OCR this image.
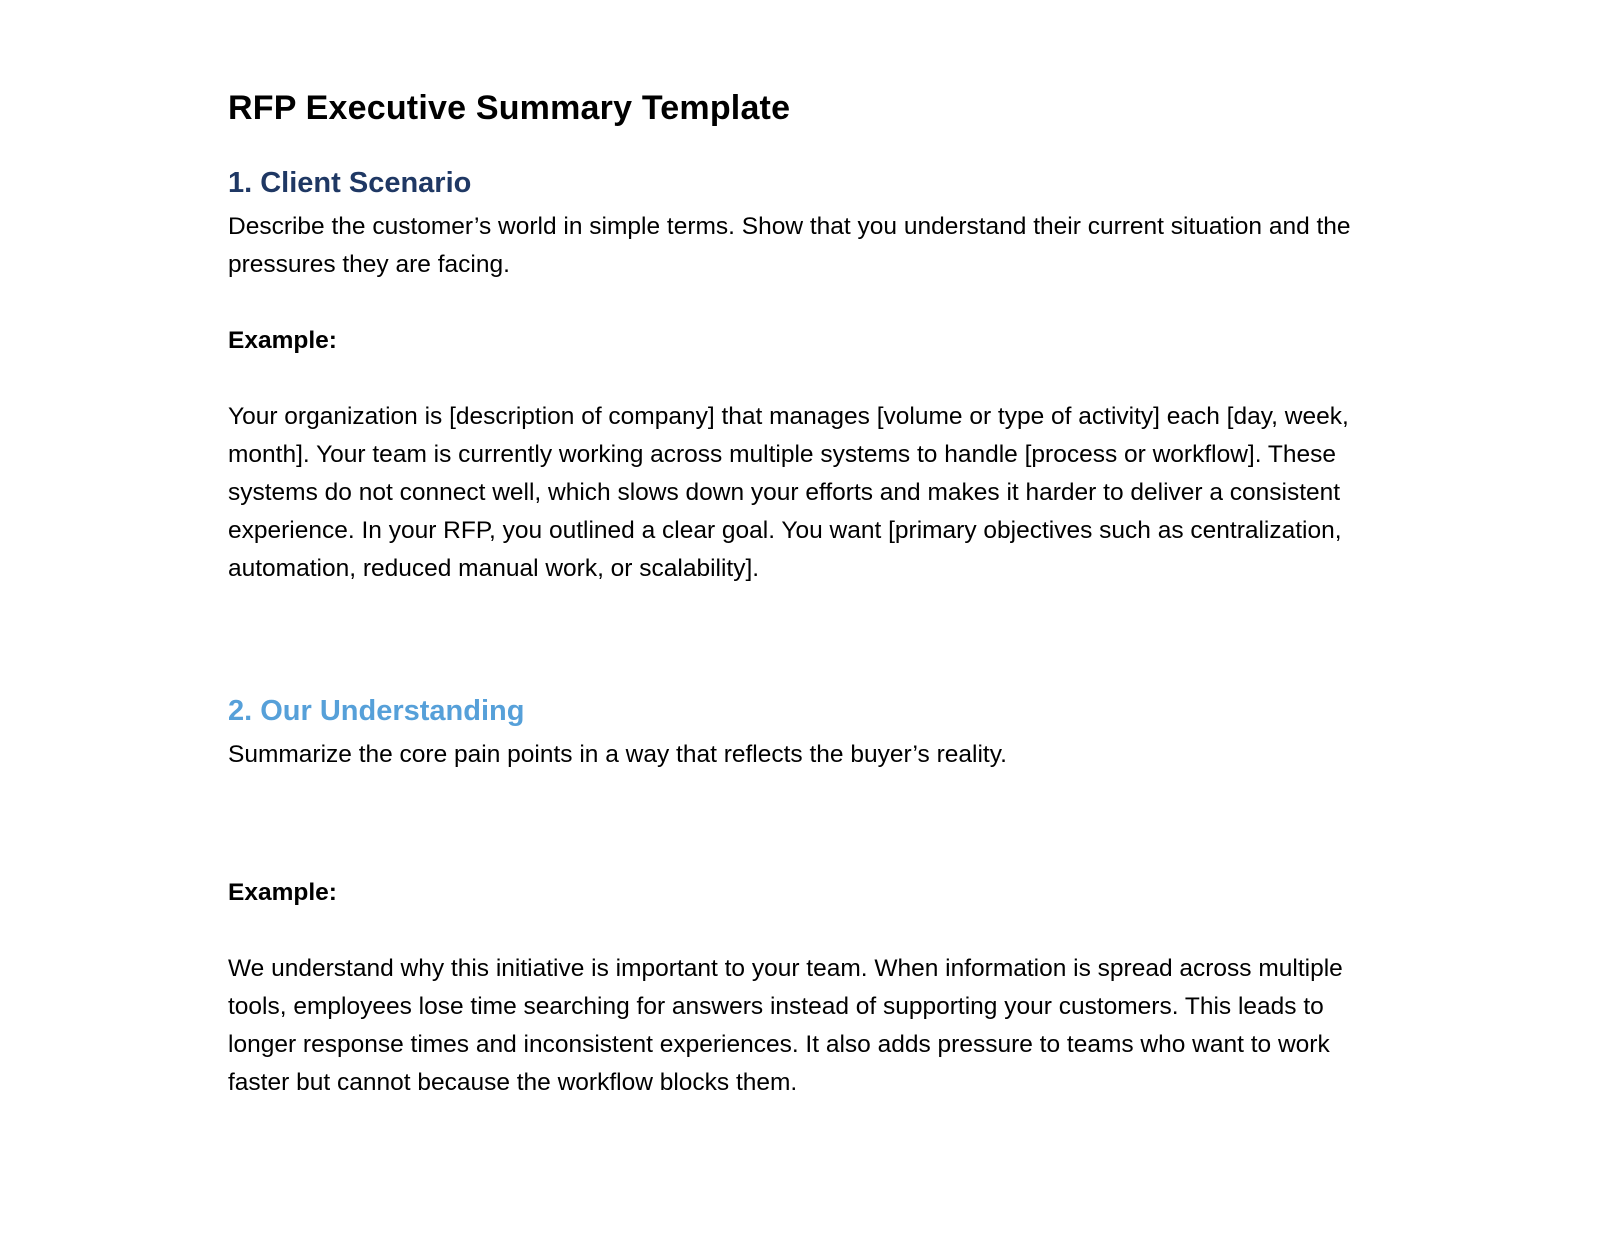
RFP Executive Summary Template
1. Client Scenario

Describe the customer’s world in simple terms. Show that you understand their current situation and the pressures they are facing.

Example:

Your organization is [description of company] that manages [volume or type of activity] each [day, week, month]. Your team is currently working across multiple systems to handle [process or workflow]. These systems do not connect well, which slows down your efforts and makes it harder to deliver a consistent experience. In your RFP, you outlined a clear goal. You want [primary objectives such as centralization, automation, reduced manual work, or scalability].

2. Our Understanding

Summarize the core pain points in a way that reflects the buyer’s reality.

Example:

We understand why this initiative is important to your team. When information is spread across multiple tools, employees lose time searching for answers instead of supporting your customers. This leads to longer response times and inconsistent experiences. It also adds pressure to teams who want to work faster but cannot because the workflow blocks them.
